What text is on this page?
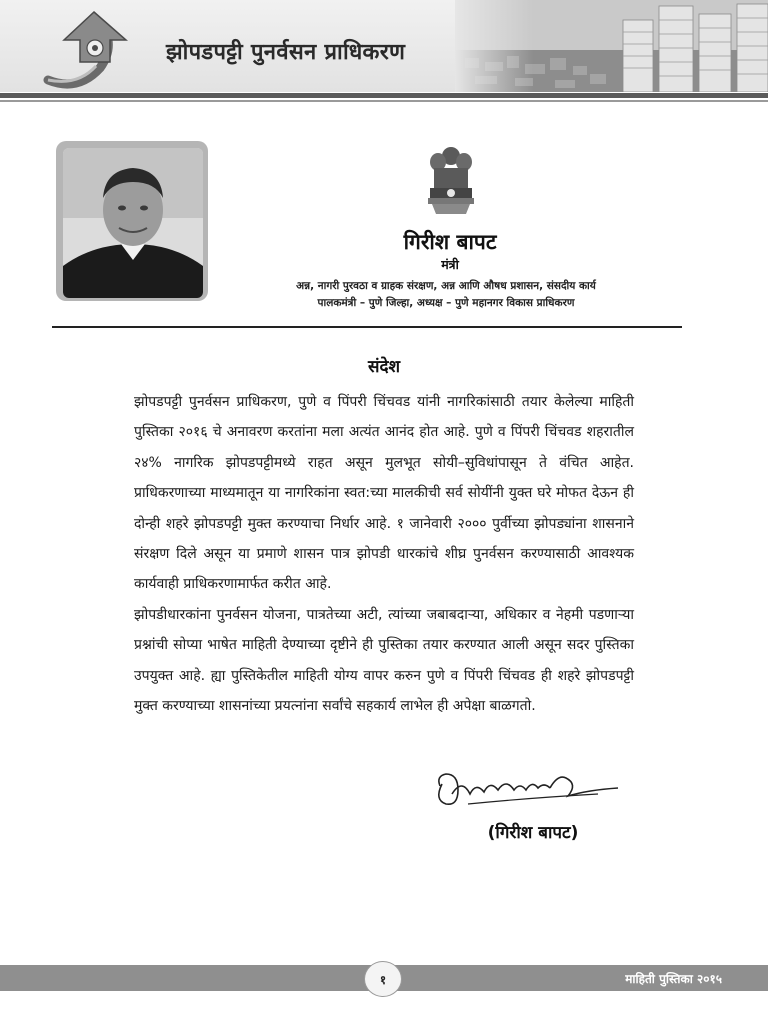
झोपडपट्टी पुनर्वसन प्राधिकरण
गिरीश बापट
मंत्री
अन्न, नागरी पुरवठा व ग्राहक संरक्षण, अन्न आणि औषध प्रशासन, संसदीय कार्य
पालकमंत्री – पुणे जिल्हा, अध्यक्ष – पुणे महानगर विकास प्राधिकरण
संदेश

झोपडपट्टी पुनर्वसन प्राधिकरण, पुणे व पिंपरी चिंचवड यांनी नागरिकांसाठी तयार केलेल्या माहिती पुस्तिका २०१६ चे अनावरण करतांना मला अत्यंत आनंद होत आहे. पुणे व पिंपरी चिंचवड शहरातील २४% नागरिक झोपडपट्टीमध्ये राहत असून मुलभूत सोयी–सुविधांपासून ते वंचित आहेत. प्राधिकरणाच्या माध्यमातून या नागरिकांना स्वत:च्या मालकीची सर्व सोयींनी युक्त घरे मोफत देऊन ही दोन्ही शहरे झोपडपट्टी मुक्त करण्याचा निर्धार आहे. १ जानेवारी २००० पुर्वीच्या झोपड्यांना शासनाने संरक्षण दिले असून या प्रमाणे शासन पात्र झोपडी धारकांचे शीघ्र पुनर्वसन करण्यासाठी आवश्यक कार्यवाही प्राधिकरणामार्फत करीत आहे.

झोपडीधारकांना पुनर्वसन योजना, पात्रतेच्या अटी, त्यांच्या जबाबदाऱ्या, अधिकार व नेहमी पडणाऱ्या प्रश्नांची सोप्या भाषेत माहिती देण्याच्या दृष्टीने ही पुस्तिका तयार करण्यात आली असून सदर पुस्तिका उपयुक्त आहे. ह्या पुस्तिकेतील माहिती योग्य वापर करुन पुणे व पिंपरी चिंचवड ही शहरे झोपडपट्टी मुक्त करण्याच्या शासनांच्या प्रयत्नांना सर्वांचे सहकार्य लाभेल ही अपेक्षा बाळगतो.

(गिरीश बापट)
१	माहिती पुस्तिका २०१५
